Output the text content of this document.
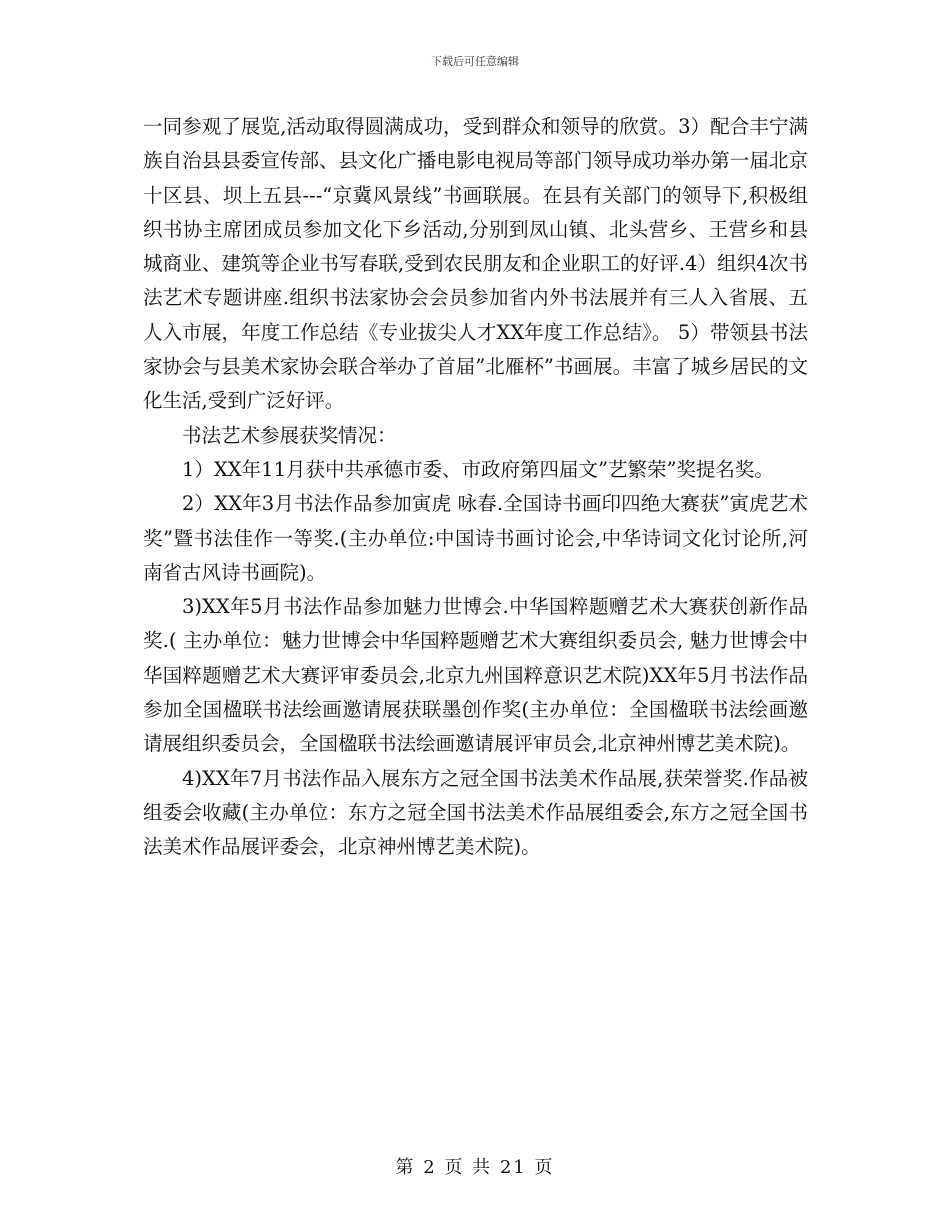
下载后可任意编辑

一同参观了展览,活动取得圆满成功，受到群众和领导的欣赏。3）配合丰宁满族自治县县委宣传部、县文化广播电影电视局等部门领导成功举办第一届北京十区县、坝上五县---“京冀风景线”书画联展。在县有关部门的领导下,积极组织书协主席团成员参加文化下乡活动,分别到凤山镇、北头营乡、王营乡和县城商业、建筑等企业书写春联,受到农民朋友和企业职工的好评.4）组织4次书法艺术专题讲座.组织书法家协会会员参加省内外书法展并有三人入省展、五人入市展，年度工作总结《专业拔尖人才XX年度工作总结》。 5）带领县书法家协会与县美术家协会联合举办了首届”北雁杯”书画展。丰富了城乡居民的文化生活,受到广泛好评。

书法艺术参展获奖情况：

1）XX年11月获中共承德市委、市政府第四届文”艺繁荣”奖提名奖。

2）XX年3月书法作品参加寅虎 咏春.全国诗书画印四绝大赛获”寅虎艺术奖”暨书法佳作一等奖.(主办单位:中国诗书画讨论会,中华诗词文化讨论所,河南省古风诗书画院)。

3)XX年5月书法作品参加魅力世博会.中华国粹题赠艺术大赛获创新作品奖.( 主办单位：魅力世博会中华国粹题赠艺术大赛组织委员会, 魅力世博会中华国粹题赠艺术大赛评审委员会,北京九州国粹意识艺术院)XX年5月书法作品参加全国楹联书法绘画邀请展获联墨创作奖(主办单位：全国楹联书法绘画邀请展组织委员会，全国楹联书法绘画邀请展评审员会,北京神州博艺美术院)。

4)XX年7月书法作品入展东方之冠全国书法美术作品展,获荣誉奖.作品被组委会收藏(主办单位：东方之冠全国书法美术作品展组委会,东方之冠全国书法美术作品展评委会，北京神州博艺美术院)。

第 2 页 共 21 页
